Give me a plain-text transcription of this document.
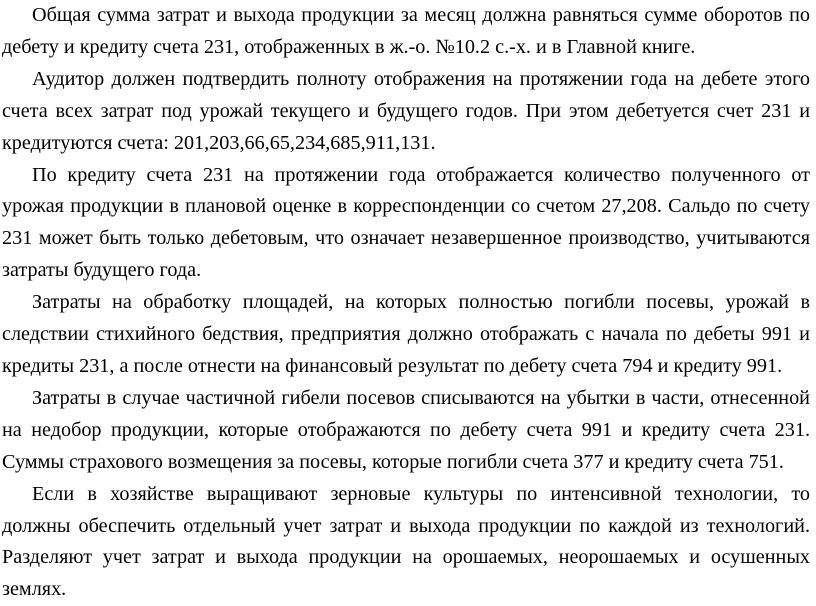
Общая сумма затрат и выхода продукции за месяц должна равняться сумме оборотов по дебету и кредиту счета 231, отображенных в ж.-о. №10.2 с.-х. и в Главной книге.

Аудитор должен подтвердить полноту отображения на протяжении года на дебете этого счета всех затрат под урожай текущего и будущего годов. При этом дебетуется счет 231 и кредитуются счета: 201,203,66,65,234,685,911,131.

По кредиту счета 231 на протяжении года отображается количество полученного от урожая продукции в плановой оценке в корреспонденции со счетом 27,208. Сальдо по счету 231 может быть только дебетовым, что означает незавершенное производство, учитываются затраты будущего года.

Затраты на обработку площадей, на которых полностью погибли посевы, урожай в следствии стихийного бедствия, предприятия должно отображать с начала по дебеты 991 и кредиты 231, а после отнести на финансовый результат по дебету счета 794 и кредиту 991.

Затраты в случае частичной гибели посевов списываются на убытки в части, отнесенной на недобор продукции, которые отображаются по дебету счета 991 и кредиту счета 231. Суммы страхового возмещения за посевы, которые погибли счета 377 и кредиту счета 751.

Если в хозяйстве выращивают зерновые культуры по интенсивной технологии, то должны обеспечить отдельный учет затрат и выхода продукции по каждой из технологий. Разделяют учет затрат и выхода продукции на орошаемых, неорошаемых и осушенных землях.
